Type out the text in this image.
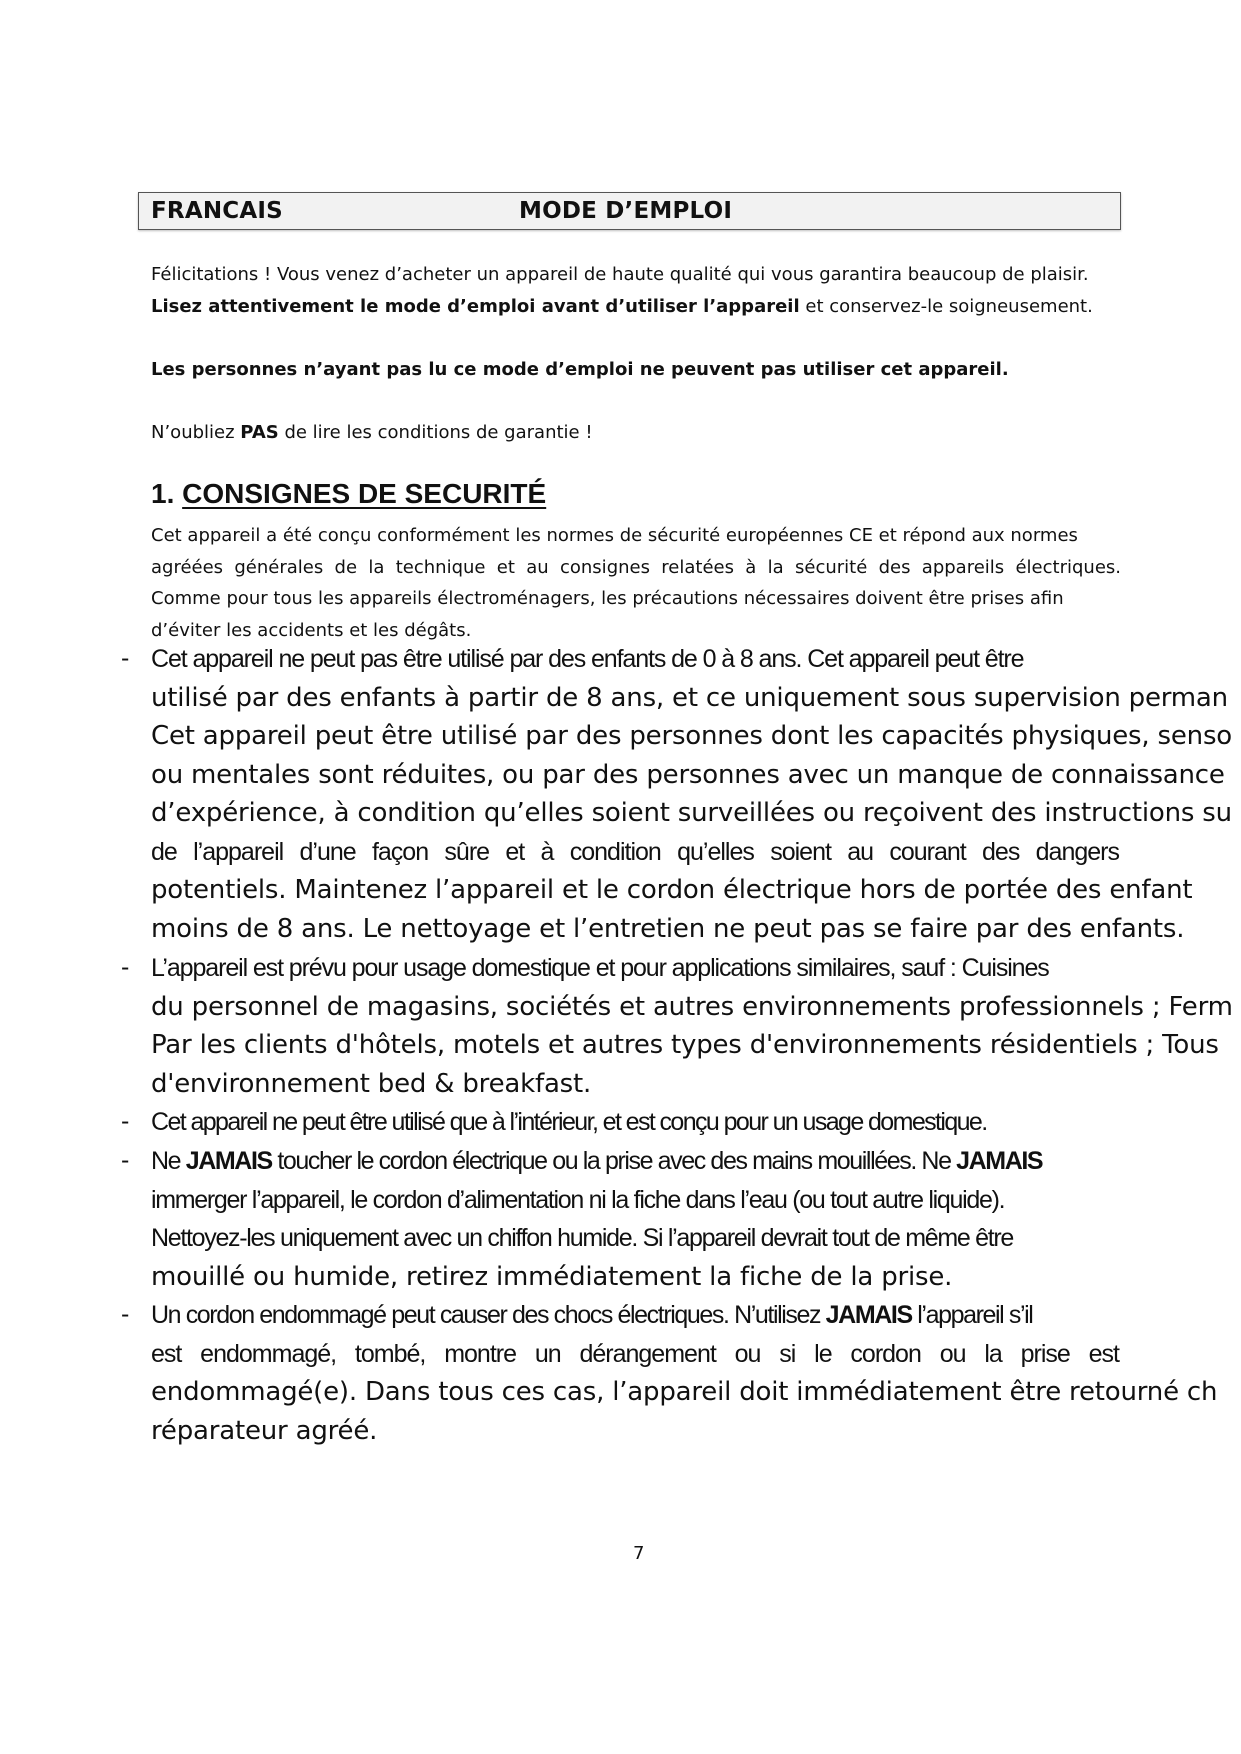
FRANCAIS	MODE D’EMPLOI
Félicitations ! Vous venez d’acheter un appareil de haute qualité qui vous garantira beaucoup de plaisir.
Lisez attentivement le mode d’emploi avant d’utiliser l’appareil et conservez-le soigneusement.
Les personnes n’ayant pas lu ce mode d’emploi ne peuvent pas utiliser cet appareil.
N’oubliez PAS de lire les conditions de garantie !
1. CONSIGNES DE SECURITÉ
Cet appareil a été conçu conformément les normes de sécurité européennes CE et répond aux normes
agréées générales de la technique et au consignes relatées à la sécurité des appareils électriques.
Comme pour tous les appareils électroménagers, les précautions nécessaires doivent être prises afin
d’éviter les accidents et les dégâts.
- Cet appareil ne peut pas être utilisé par des enfants de 0 à 8 ans. Cet appareil peut être
utilisé par des enfants à partir de 8 ans, et ce uniquement sous supervision perman
Cet appareil peut être utilisé par des personnes dont les capacités physiques, senso
ou mentales sont réduites, ou par des personnes avec un manque de connaissance
d’expérience, à condition qu’elles soient surveillées ou reçoivent des instructions su
de l’appareil d’une façon sûre et à condition qu’elles soient au courant des dangers
potentiels. Maintenez l’appareil et le cordon électrique hors de portée des enfant
moins de 8 ans. Le nettoyage et l’entretien ne peut pas se faire par des enfants.
- L’appareil est prévu pour usage domestique et pour applications similaires, sauf : Cuisines
du personnel de magasins, sociétés et autres environnements professionnels ; Ferm
Par les clients d'hôtels, motels et autres types d'environnements résidentiels ; Tous
d'environnement bed & breakfast.
- Cet appareil ne peut être utilisé que à l’intérieur, et est conçu pour un usage domestique.
- Ne JAMAIS toucher le cordon électrique ou la prise avec des mains mouillées. Ne JAMAIS
immerger l’appareil, le cordon d’alimentation ni la fiche dans l’eau (ou tout autre liquide).
Nettoyez-les uniquement avec un chiffon humide. Si l’appareil devrait tout de même être
mouillé ou humide, retirez immédiatement la fiche de la prise.
- Un cordon endommagé peut causer des chocs électriques. N’utilisez JAMAIS l’appareil s’il
est endommagé, tombé, montre un dérangement ou si le cordon ou la prise est
endommagé(e). Dans tous ces cas, l’appareil doit immédiatement être retourné ch
réparateur agréé.
7
